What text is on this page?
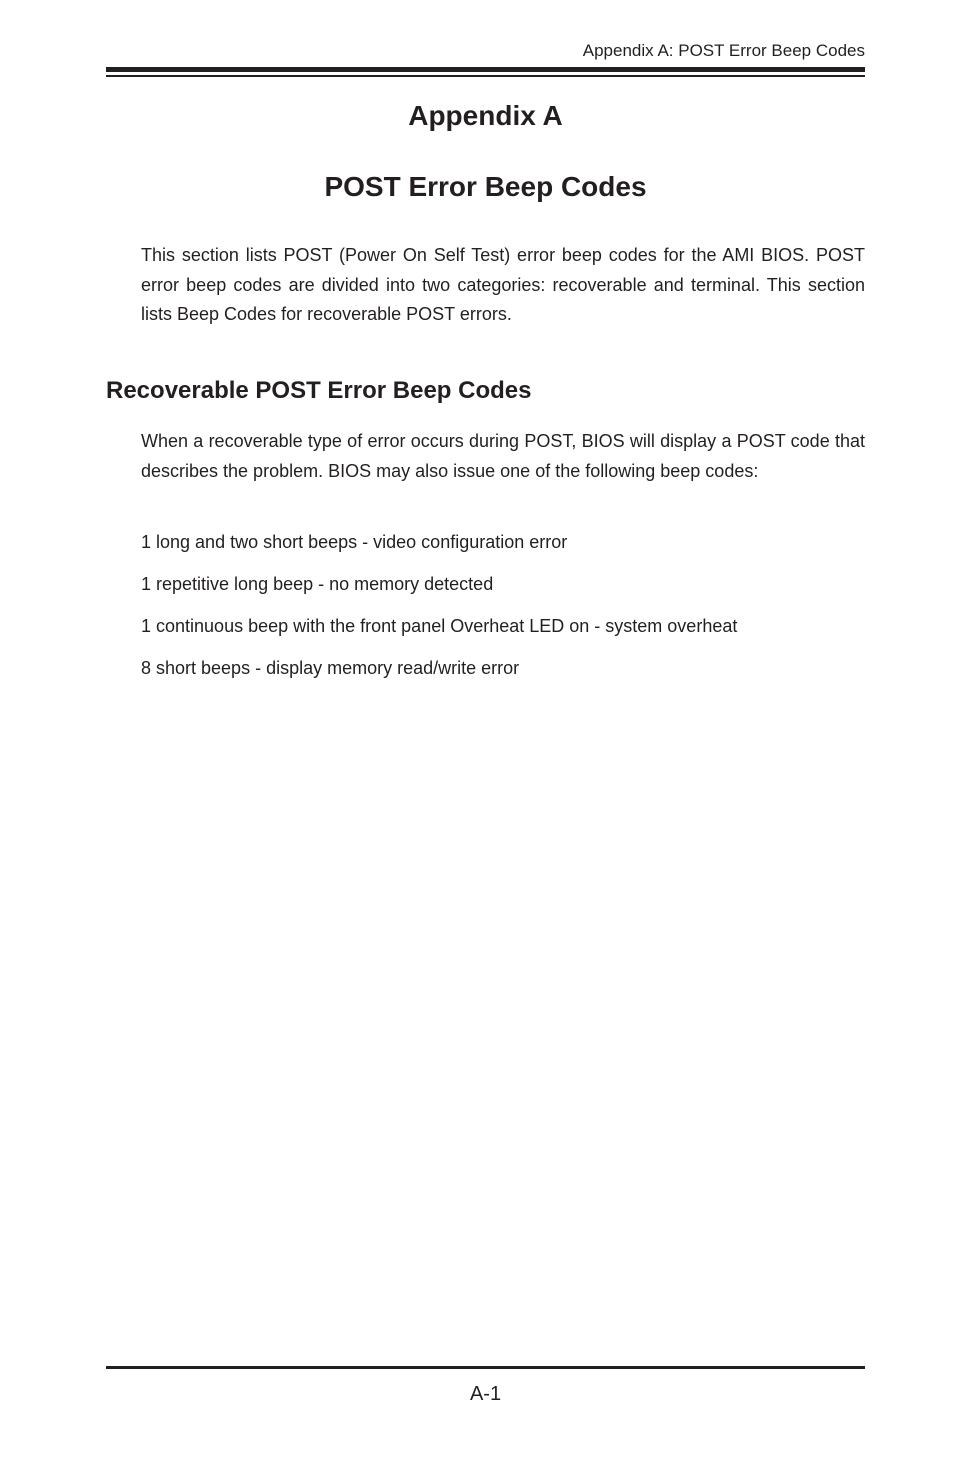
Appendix A: POST Error Beep Codes
Appendix A
POST Error Beep Codes

This section lists POST (Power On Self Test) error beep codes for the AMI BIOS. POST error beep codes are divided into two categories: recoverable and terminal. This section lists Beep Codes for recoverable POST errors.

Recoverable POST Error Beep Codes

When a recoverable type of error occurs during POST, BIOS will display a POST code that describes the problem. BIOS may also issue one of the following beep codes:

1 long and two short beeps - video configuration error
1 repetitive long beep - no memory detected
1 continuous beep with the front panel Overheat LED on - system overheat
8 short beeps - display memory read/write error
A-1
